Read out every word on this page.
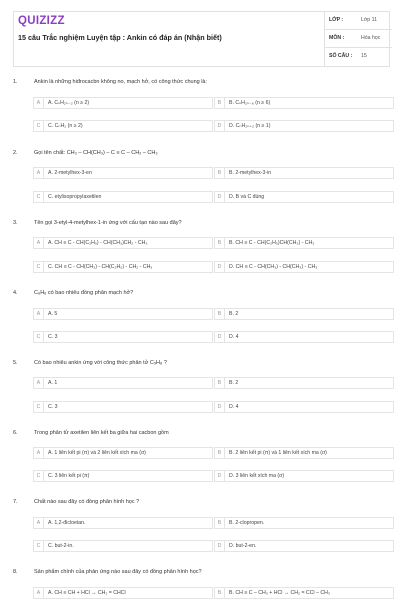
QUIZIZZ
15 câu Trắc nghiệm Luyện tập : Ankin có đáp án (Nhận biết)
LỚP :	Lớp 11
MÔN :	Hóa học
SỐ CÂU : 15
1.	Ankin là những hiđrocacbn không no, mạch hở, có công thức chung là:
A	A. CₙH₂ₙ₋₂ (n ≥ 2)	B	B. CₙH₂ₙ₋₆ (n ≥ 6)
C	C. CₙH₂ (n ≥ 2)	D	D. CₙH₂ₙ₊₂ (n ≥ 1)
2.	Gọi tên chất: CH₃ – CH(CH₃) – C ≡ C – CH₂ – CH₃
A	A. 2-metylhex-3-en	B	B. 2-metylhex-3-in
C	C. etylisopropylaxetilen	D	D. B và C đúng
3.	Tên gọi 3-etyl-4-metylhex-1-in ứng với cấu tạo nào sau đây?
A	A. CH ≡ C - CH(C₂H₅) - CH(CH₃)CH₂ - CH₃	B	B. CH ≡ C - CH(C₂H₅)CH(CH₃) - CH₃
C	C. CH ≡ C - CH(CH₃) - CH(C₂H₅) - CH₂ - CH₃	D	D. CH ≡ C - CH(CH₃) - CH(CH₃) - CH₃
4.	C₆H₆ có bao nhiêu đồng phân mạch hở?
A	A. 5	B	B. 2
C	C. 3	D	D. 4
5.	Có bao nhiêu ankin ứng với công thức phân tử C₅H₈ ?
A	A. 1	B	B. 2
C	C. 3	D	D. 4
6.	Trong phân tử axetilen liên kết ba giữa hai cacbon gồm
A	A. 1 liên kết pi (π) và 2 liên kết xích ma (σ)	B	B. 2 liên kết pi (π) và 1 liên kết xích ma (σ)
C	C. 3 liên kết pi (π)	D	D. 3 liên kết xích ma (σ)
7.	Chất nào sau đây có đồng phân hình học ?
A	A. 1,2-đicloetan.	B	B. 2-clopropen.
C	C. but-2-in.	D	D. but-2-en.
8.	Sản phẩm chính của phản ứng nào sau đây có đồng phân hình học?
A	A. CH ≡ CH + HCl → CH₂ = CHCl	B	B. CH ≡ C – CH₃ + HCl → CH₂ = CCl – CH₃
